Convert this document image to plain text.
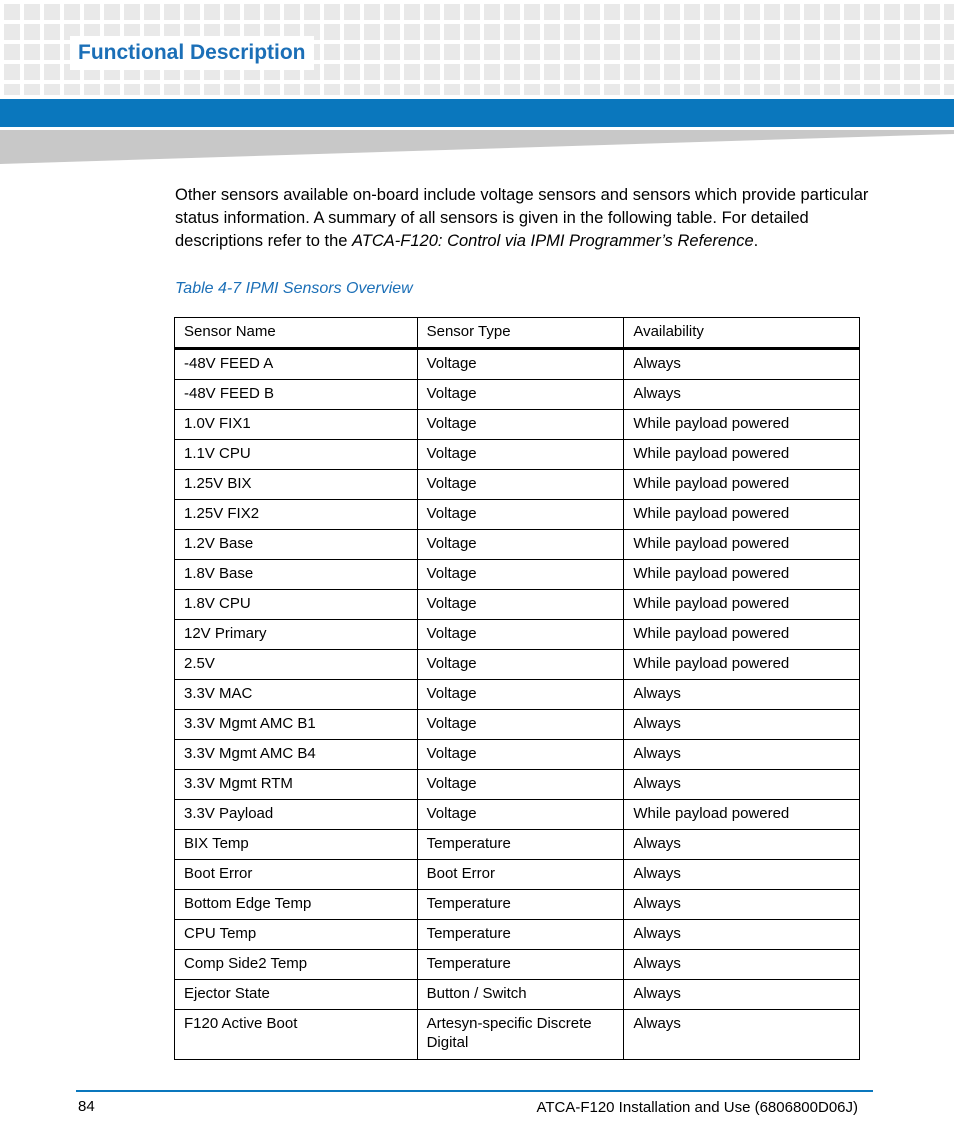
Functional Description

Other sensors available on-board include voltage sensors and sensors which provide particular status information. A summary of all sensors is given in the following table. For detailed descriptions refer to the ATCA-F120: Control via IPMI Programmer’s Reference.

Table 4-7 IPMI Sensors Overview
Sensor Name	Sensor Type	Availability
-48V FEED A	Voltage	Always
-48V FEED B	Voltage	Always
1.0V FIX1	Voltage	While payload powered
1.1V CPU	Voltage	While payload powered
1.25V BIX	Voltage	While payload powered
1.25V FIX2	Voltage	While payload powered
1.2V Base	Voltage	While payload powered
1.8V Base	Voltage	While payload powered
1.8V CPU	Voltage	While payload powered
12V Primary	Voltage	While payload powered
2.5V	Voltage	While payload powered
3.3V MAC	Voltage	Always
3.3V Mgmt AMC B1	Voltage	Always
3.3V Mgmt AMC B4	Voltage	Always
3.3V Mgmt RTM	Voltage	Always
3.3V Payload	Voltage	While payload powered
BIX Temp	Temperature	Always
Boot Error	Boot Error	Always
Bottom Edge Temp	Temperature	Always
CPU Temp	Temperature	Always
Comp Side2 Temp	Temperature	Always
Ejector State	Button / Switch	Always
F120 Active Boot	Artesyn-specific Discrete Digital	Always
84	ATCA-F120 Installation and Use (6806800D06J)
